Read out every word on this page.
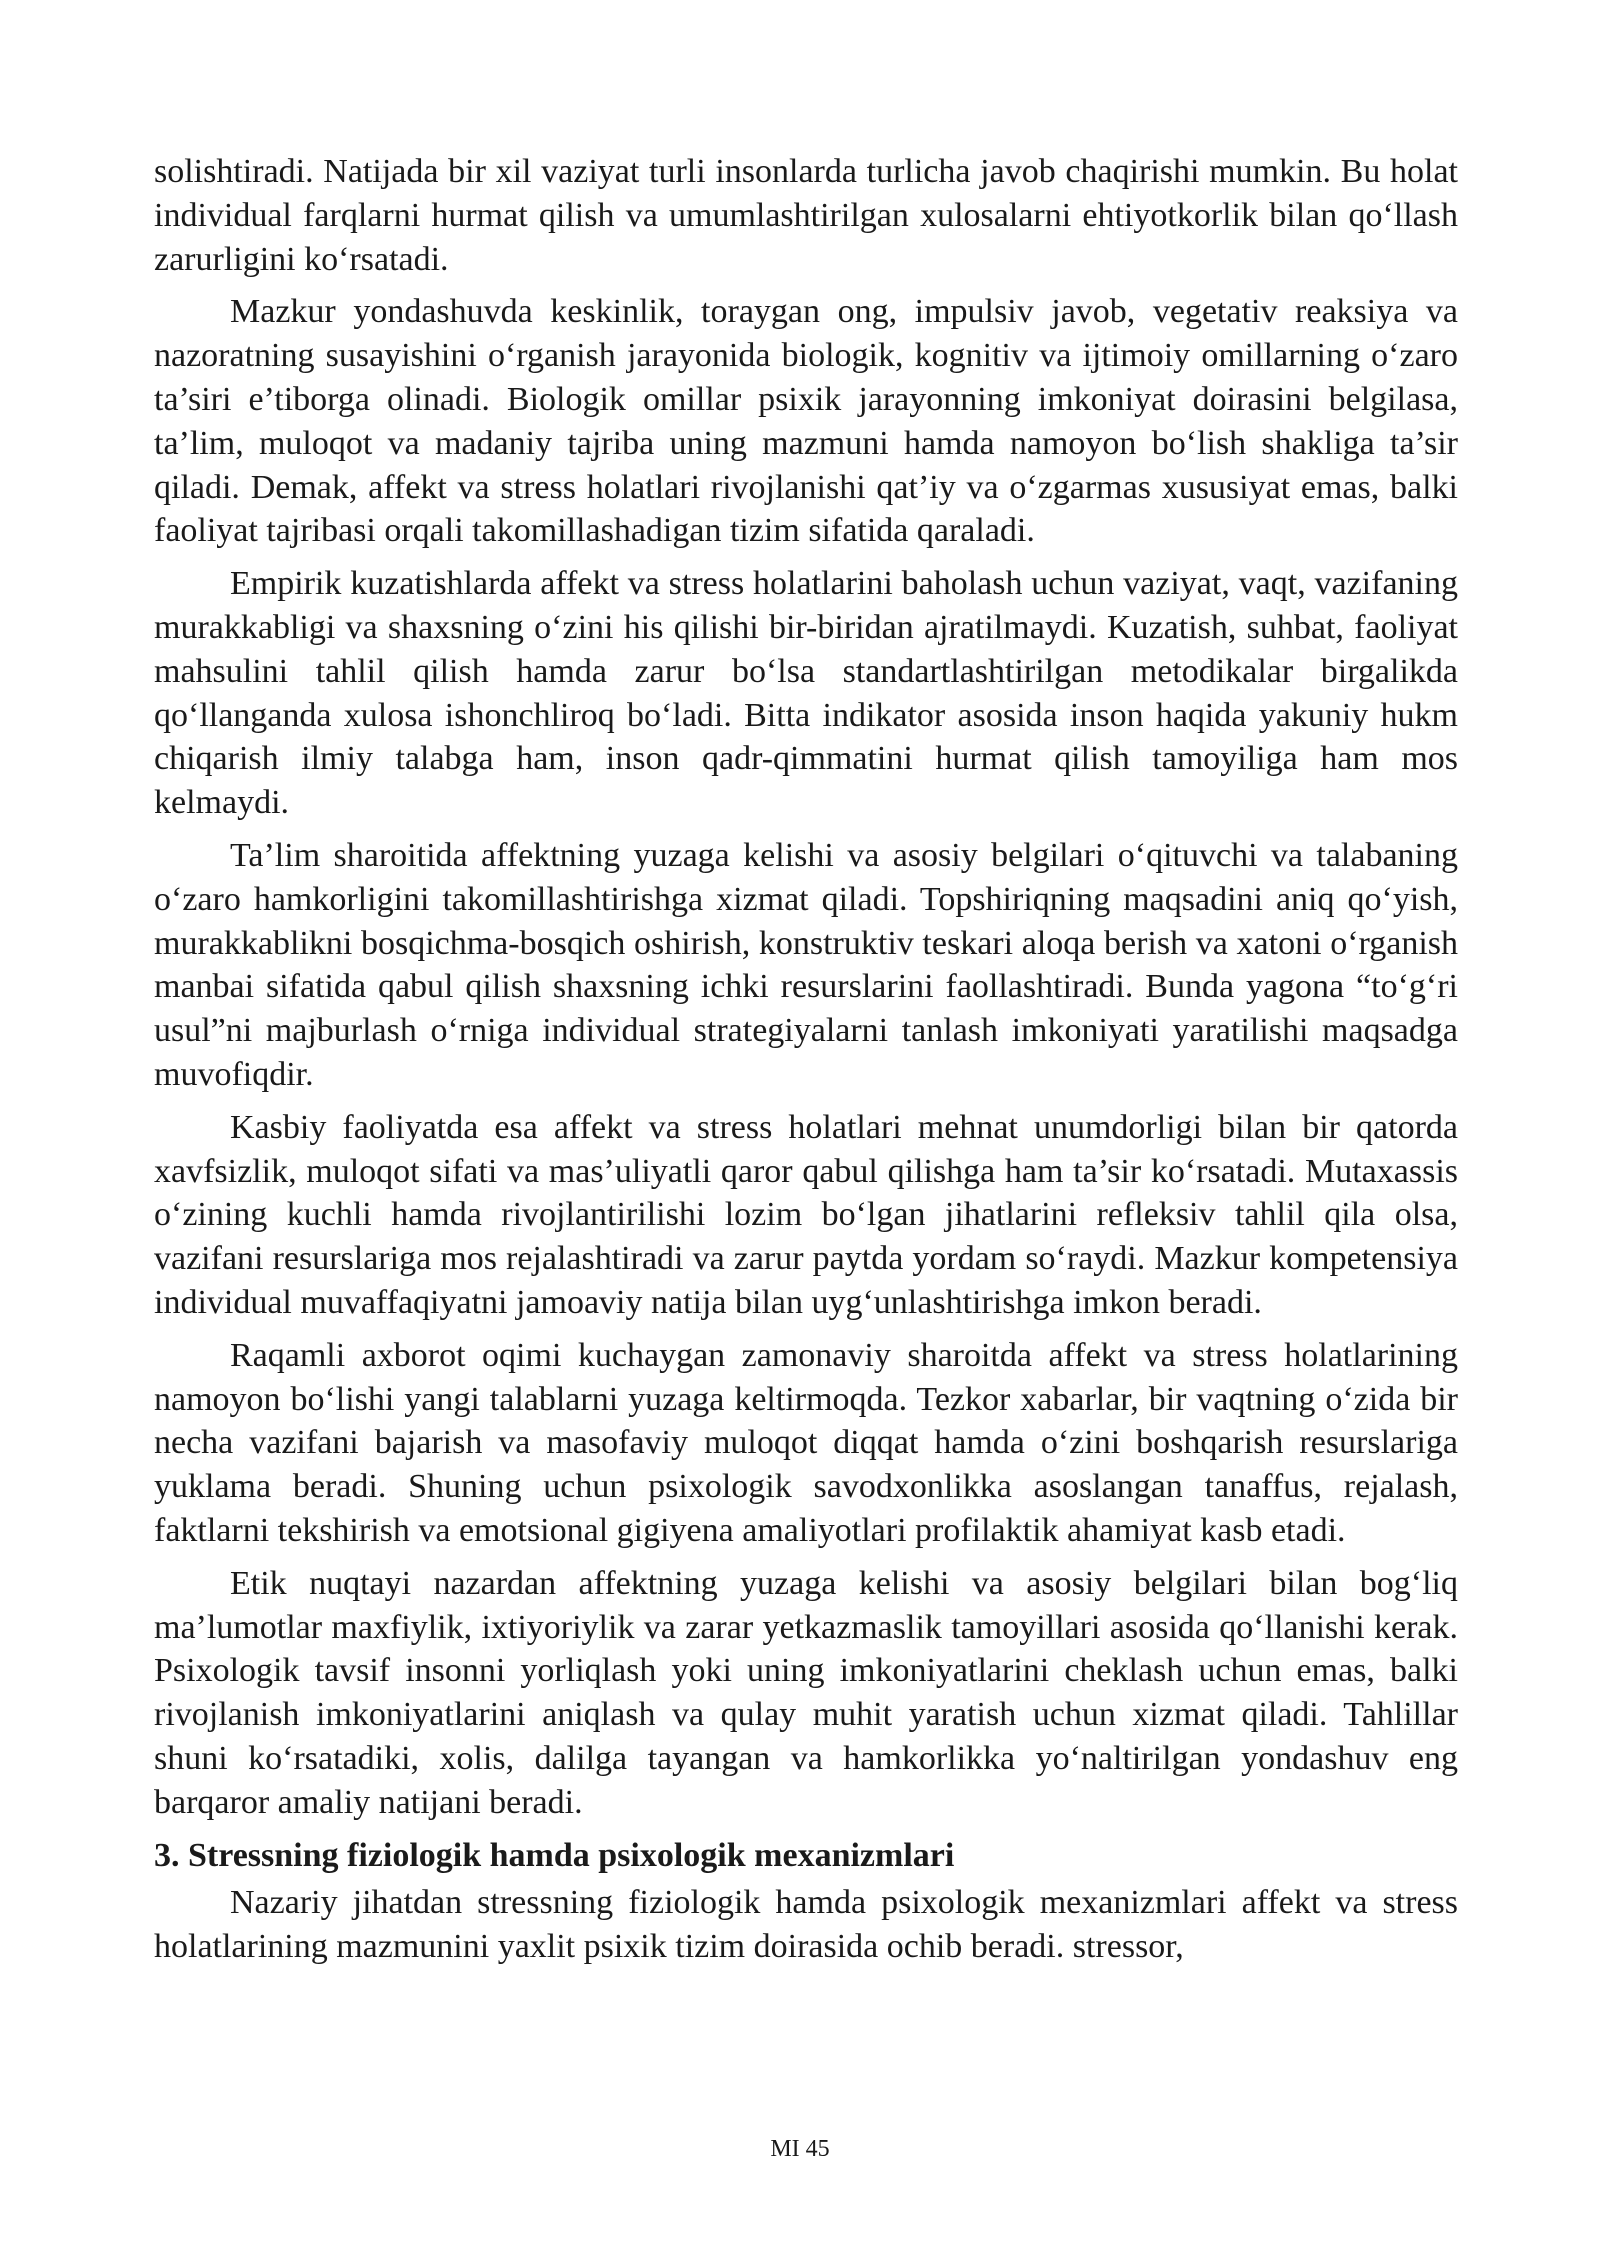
solishtiradi. Natijada bir xil vaziyat turli insonlarda turlicha javob chaqirishi mumkin. Bu holat individual farqlarni hurmat qilish va umumlashtirilgan xulosalarni ehtiyotkorlik bilan qo‘llash zarurligini ko‘rsatadi.

Mazkur yondashuvda keskinlik, toraygan ong, impulsiv javob, vegetativ reaksiya va nazoratning susayishini o‘rganish jarayonida biologik, kognitiv va ijtimoiy omillarning o‘zaro ta’siri e’tiborga olinadi. Biologik omillar psixik jarayonning imkoniyat doirasini belgilasa, ta’lim, muloqot va madaniy tajriba uning mazmuni hamda namoyon bo‘lish shakliga ta’sir qiladi. Demak, affekt va stress holatlari rivojlanishi qat’iy va o‘zgarmas xususiyat emas, balki faoliyat tajribasi orqali takomillashadigan tizim sifatida qaraladi.

Empirik kuzatishlarda affekt va stress holatlarini baholash uchun vaziyat, vaqt, vazifaning murakkabligi va shaxsning o‘zini his qilishi bir-biridan ajratilmaydi. Kuzatish, suhbat, faoliyat mahsulini tahlil qilish hamda zarur bo‘lsa standartlashtirilgan metodikalar birgalikda qo‘llanganda xulosa ishonchliroq bo‘ladi. Bitta indikator asosida inson haqida yakuniy hukm chiqarish ilmiy talabga ham, inson qadr-qimmatini hurmat qilish tamoyiliga ham mos kelmaydi.

Ta’lim sharoitida affektning yuzaga kelishi va asosiy belgilari o‘qituvchi va talabaning o‘zaro hamkorligini takomillashtirishga xizmat qiladi. Topshiriqning maqsadini aniq qo‘yish, murakkablikni bosqichma-bosqich oshirish, konstruktiv teskari aloqa berish va xatoni o‘rganish manbai sifatida qabul qilish shaxsning ichki resurslarini faollashtiradi. Bunda yagona “to‘g‘ri usul”ni majburlash o‘rniga individual strategiyalarni tanlash imkoniyati yaratilishi maqsadga muvofiqdir.

Kasbiy faoliyatda esa affekt va stress holatlari mehnat unumdorligi bilan bir qatorda xavfsizlik, muloqot sifati va mas’uliyatli qaror qabul qilishga ham ta’sir ko‘rsatadi. Mutaxassis o‘zining kuchli hamda rivojlantirilishi lozim bo‘lgan jihatlarini refleksiv tahlil qila olsa, vazifani resurslariga mos rejalashtiradi va zarur paytda yordam so‘raydi. Mazkur kompetensiya individual muvaffaqiyatni jamoaviy natija bilan uyg‘unlashtirishga imkon beradi.

Raqamli axborot oqimi kuchaygan zamonaviy sharoitda affekt va stress holatlarining namoyon bo‘lishi yangi talablarni yuzaga keltirmoqda. Tezkor xabarlar, bir vaqtning o‘zida bir necha vazifani bajarish va masofaviy muloqot diqqat hamda o‘zini boshqarish resurslariga yuklama beradi. Shuning uchun psixologik savodxonlikka asoslangan tanaffus, rejalash, faktlarni tekshirish va emotsional gigiyena amaliyotlari profilaktik ahamiyat kasb etadi.

Etik nuqtayi nazardan affektning yuzaga kelishi va asosiy belgilari bilan bog‘liq ma’lumotlar maxfiylik, ixtiyoriylik va zarar yetkazmaslik tamoyillari asosida qo‘llanishi kerak. Psixologik tavsif insonni yorliqlash yoki uning imkoniyatlarini cheklash uchun emas, balki rivojlanish imkoniyatlarini aniqlash va qulay muhit yaratish uchun xizmat qiladi. Tahlillar shuni ko‘rsatadiki, xolis, dalilga tayangan va hamkorlikka yo‘naltirilgan yondashuv eng barqaror amaliy natijani beradi.

3. Stressning fiziologik hamda psixologik mexanizmlari

Nazariy jihatdan stressning fiziologik hamda psixologik mexanizmlari affekt va stress holatlarining mazmunini yaxlit psixik tizim doirasida ochib beradi. stressor,

MI 45
